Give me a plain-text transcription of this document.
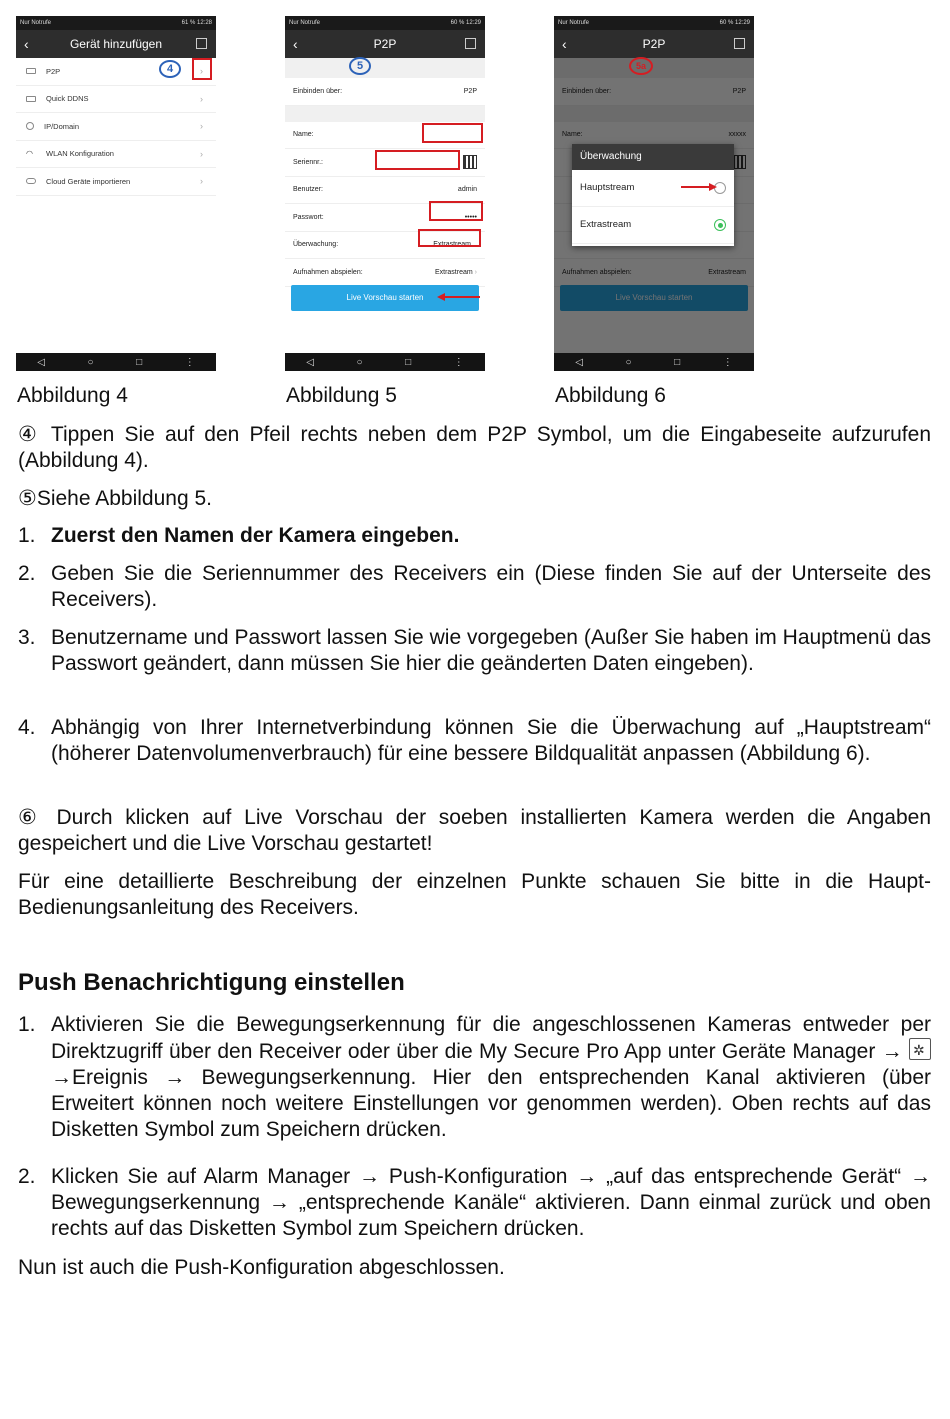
Nur Notrufe	61 % 12:28
‹	Gerät hinzufügen
P2P	›
Quick DDNS	›
IP/Domain	›
◠	WLAN Konfiguration	›
Cloud Geräte importieren	›
4
◁	○	□	⋮
Nur Notrufe	60 % 12:29
‹	P2P
5
Einbinden über:	P2P
Name:
Seriennr.:
Benutzer:	admin
Passwort:	•••••
Überwachung:	Extrastream
Aufnahmen abspielen:	Extrastream ›
Live Vorschau starten
◁	○	□	⋮
Nur Notrufe	60 % 12:29
‹	P2P
5a
Überwachung
Hauptstream
Extrastream
◁	○	□	⋮
Abbildung 4	Abbildung 5	Abbildung 6
④ Tippen Sie auf den Pfeil rechts neben dem P2P Symbol, um die Eingabeseite aufzurufen (Abbildung 4).
⑤Siehe Abbildung 5.
1. Zuerst den Namen der Kamera eingeben.
2. Geben Sie die Seriennummer des Receivers ein (Diese finden Sie auf der Unterseite des Receivers).
3. Benutzername und Passwort lassen Sie wie vorgegeben (Außer Sie haben im Hauptmenü das Passwort geändert, dann müssen Sie hier die geänderten Daten eingeben).
4. Abhängig von Ihrer Internetverbindung können Sie die Überwachung auf „Hauptstream“ (höherer Datenvolumenverbrauch) für eine bessere Bildqualität anpassen (Abbildung 6).
⑥ Durch klicken auf Live Vorschau der soeben installierten Kamera werden die Angaben gespeichert und die Live Vorschau gestartet!
Für eine detaillierte Beschreibung der einzelnen Punkte schauen Sie bitte in die Haupt-Bedienungsanleitung des Receivers.
Push Benachrichtigung einstellen
1. Aktivieren Sie die Bewegungserkennung für die angeschlossenen Kameras entweder per Direktzugriff über den Receiver oder über die My Secure Pro App unter Geräte Manager → ✲ →Ereignis → Bewegungserkennung. Hier den entsprechenden Kanal aktivieren (über Erweitert können noch weitere Einstellungen vor genommen werden). Oben rechts auf das Disketten Symbol zum Speichern drücken.
2. Klicken Sie auf Alarm Manager → Push-Konfiguration → „auf das entsprechende Gerät“ → Bewegungserkennung → „entsprechende Kanäle“ aktivieren. Dann einmal zurück und oben rechts auf das Disketten Symbol zum Speichern drücken.
Nun ist auch die Push-Konfiguration abgeschlossen.
